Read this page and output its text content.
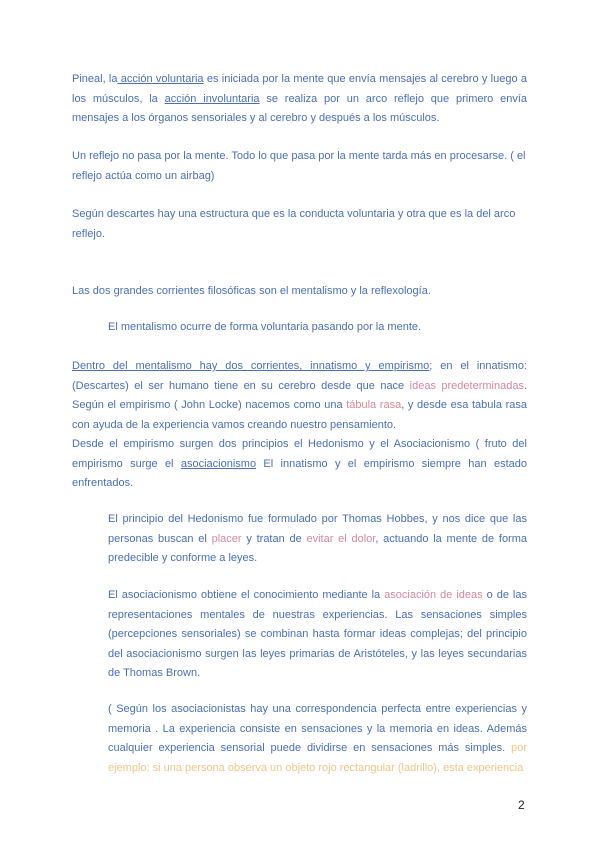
Pineal, la acción voluntaria es iniciada por la mente que envía mensajes al cerebro y luego a los músculos, la acción involuntaria se realiza por un arco reflejo que primero envía mensajes a los órganos sensoriales y al cerebro y después a los músculos.

Un reflejo no pasa por la mente. Todo lo que pasa por la mente tarda más en procesarse. ( el reflejo actúa como un airbag)

Según descartes hay una estructura que es la conducta voluntaria y otra que es la del arco reflejo.

Las dos grandes corrientes filosóficas son el mentalismo y la reflexología.

El mentalismo ocurre de forma voluntaria pasando por la mente.

Dentro del mentalismo hay dos corrientes, innatismo y empirismo; en el innatismo: (Descartes) el ser humano tiene en su cerebro desde que nace ideas predeterminadas. Según el empirismo ( John Locke) nacemos como una tábula rasa, y desde esa tabula rasa con ayuda de la experiencia vamos creando nuestro pensamiento.
Desde el empirismo surgen dos principios el Hedonismo y el Asociacionismo ( fruto del empirismo surge el asociacionismo El innatismo y el empirismo siempre han estado enfrentados.

El principio del Hedonismo fue formulado por Thomas Hobbes, y nos dice que las personas buscan el placer y tratan de evitar el dolor, actuando la mente de forma predecible y conforme a leyes.

El asociacionismo obtiene el conocimiento mediante la asociación de ideas o de las representaciones mentales de nuestras experiencias. Las sensaciones simples (percepciones sensoriales) se combinan hasta formar ideas complejas; del principio del asociacionismo surgen las leyes primarias de Aristóteles, y las leyes secundarias de Thomas Brown.

( Según los asociacionistas hay una correspondencia perfecta entre experiencias y memoria . La experiencia consiste en sensaciones y la memoria en ideas. Además cualquier experiencia sensorial puede dividirse en sensaciones más simples. por ejemplo: si una persona observa un objeto rojo rectangular (ladrillo), esta experiencia

2
